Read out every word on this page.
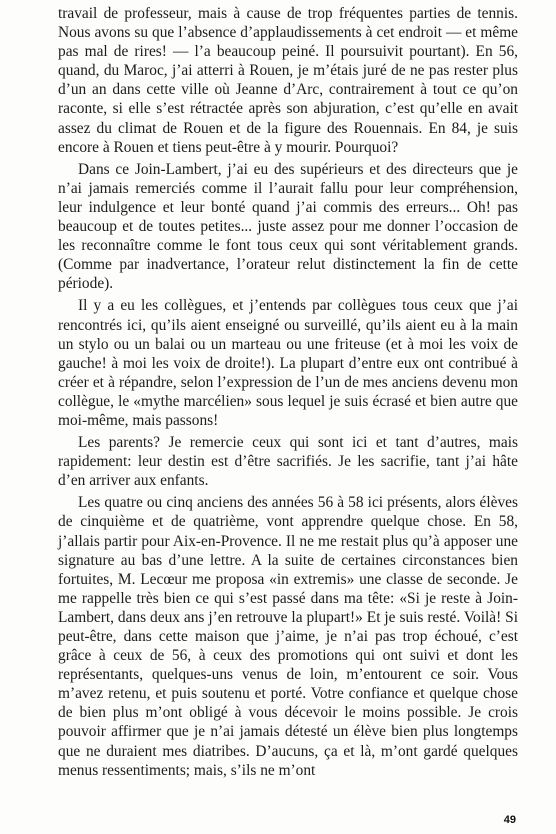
travail de professeur, mais à cause de trop fréquentes parties de tennis. Nous avons su que l’absence d’applaudissements à cet endroit — et même pas mal de rires! — l’a beaucoup peiné. Il poursuivit pourtant). En 56, quand, du Maroc, j’ai atterri à Rouen, je m’étais juré de ne pas rester plus d’un an dans cette ville où Jeanne d’Arc, contrairement à tout ce qu’on raconte, si elle s’est rétractée après son abjuration, c’est qu’elle en avait assez du climat de Rouen et de la figure des Rouennais. En 84, je suis encore à Rouen et tiens peut-être à y mourir. Pourquoi?

Dans ce Join-Lambert, j’ai eu des supérieurs et des directeurs que je n’ai jamais remerciés comme il l’aurait fallu pour leur compréhension, leur indulgence et leur bonté quand j’ai commis des erreurs... Oh! pas beaucoup et de toutes petites... juste assez pour me donner l’occasion de les reconnaître comme le font tous ceux qui sont véritablement grands. (Comme par inadvertance, l’orateur relut distinctement la fin de cette période).

Il y a eu les collègues, et j’entends par collègues tous ceux que j’ai rencontrés ici, qu’ils aient enseigné ou surveillé, qu’ils aient eu à la main un stylo ou un balai ou un marteau ou une friteuse (et à moi les voix de gauche! à moi les voix de droite!). La plupart d’entre eux ont contribué à créer et à répandre, selon l’expression de l’un de mes anciens devenu mon collègue, le «mythe marcélien» sous lequel je suis écrasé et bien autre que moi-même, mais passons!

Les parents? Je remercie ceux qui sont ici et tant d’autres, mais rapidement: leur destin est d’être sacrifiés. Je les sacrifie, tant j’ai hâte d’en arriver aux enfants.

Les quatre ou cinq anciens des années 56 à 58 ici présents, alors élèves de cinquième et de quatrième, vont apprendre quelque chose. En 58, j’allais partir pour Aix-en-Provence. Il ne me restait plus qu’à apposer une signature au bas d’une lettre. A la suite de certaines circonstances bien fortuites, M. Lecœur me proposa «in extremis» une classe de seconde. Je me rappelle très bien ce qui s’est passé dans ma tête: «Si je reste à Join-Lambert, dans deux ans j’en retrouve la plupart!» Et je suis resté. Voilà! Si peut-être, dans cette maison que j’aime, je n’ai pas trop échoué, c’est grâce à ceux de 56, à ceux des promotions qui ont suivi et dont les représentants, quelques-uns venus de loin, m’entourent ce soir. Vous m’avez retenu, et puis soutenu et porté. Votre confiance et quelque chose de bien plus m’ont obligé à vous décevoir le moins possible. Je crois pouvoir affirmer que je n’ai jamais détesté un élève bien plus longtemps que ne duraient mes diatribes. D’aucuns, ça et là, m’ont gardé quelques menus ressentiments; mais, s’ils ne m’ont

49
